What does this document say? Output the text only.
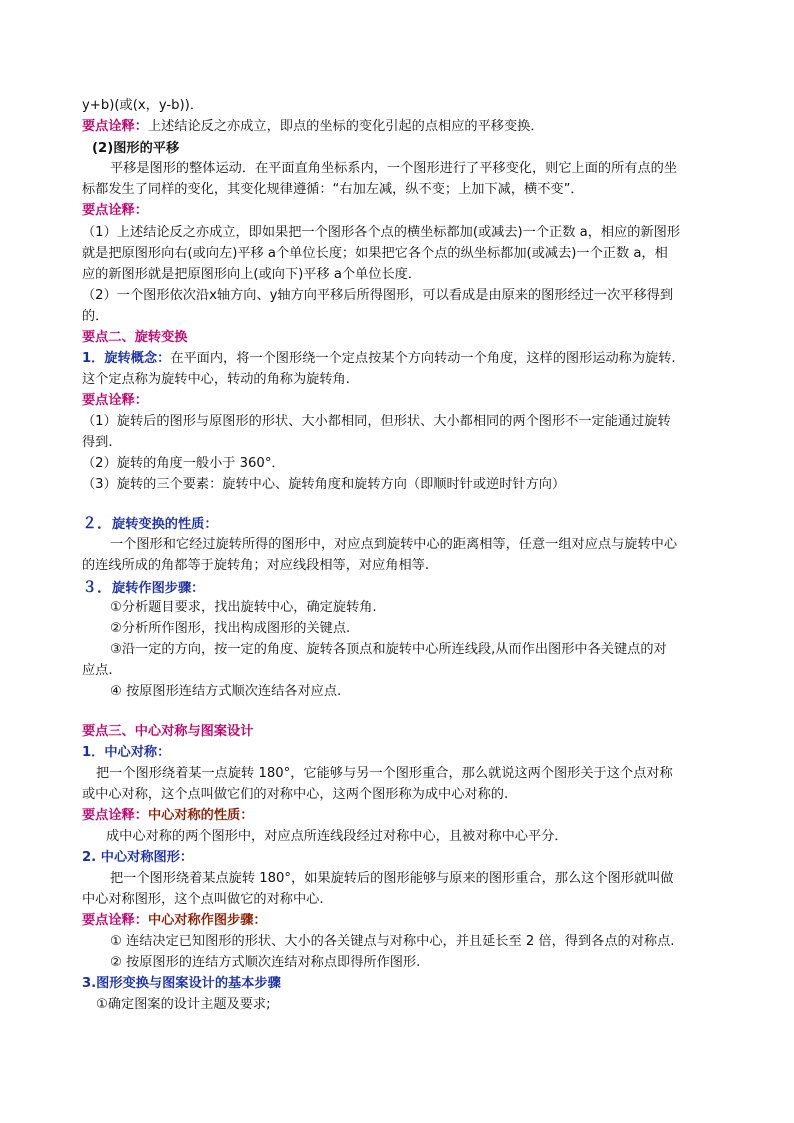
y+b)(或(x，y-b))．
要点诠释：上述结论反之亦成立，即点的坐标的变化引起的点相应的平移变换．
(2)图形的平移
平移是图形的整体运动．在平面直角坐标系内，一个图形进行了平移变化，则它上面的所有点的坐
标都发生了同样的变化，其变化规律遵循：“右加左减，纵不变；上加下减，横不变”．
要点诠释：
（1）上述结论反之亦成立，即如果把一个图形各个点的横坐标都加(或减去)一个正数 a，相应的新图形
就是把原图形向右(或向左)平移 a个单位长度；如果把它各个点的纵坐标都加(或减去)一个正数 a，相
应的新图形就是把原图形向上(或向下)平移 a个单位长度．
（2）一个图形依次沿x轴方向、y轴方向平移后所得图形，可以看成是由原来的图形经过一次平移得到
的．
要点二、旋转变换
1．旋转概念：在平面内，将一个图形绕一个定点按某个方向转动一个角度，这样的图形运动称为旋转.
这个定点称为旋转中心，转动的角称为旋转角.
要点诠释：
（1）旋转后的图形与原图形的形状、大小都相同，但形状、大小都相同的两个图形不一定能通过旋转
得到.
（2）旋转的角度一般小于 360°．
（3）旋转的三个要素：旋转中心、旋转角度和旋转方向（即顺时针或逆时针方向）
２．旋转变换的性质：
一个图形和它经过旋转所得的图形中，对应点到旋转中心的距离相等，任意一组对应点与旋转中心
的连线所成的角都等于旋转角；对应线段相等，对应角相等.
３．旋转作图步骤：
①分析题目要求，找出旋转中心，确定旋转角.
②分析所作图形，找出构成图形的关键点.
③沿一定的方向，按一定的角度、旋转各顶点和旋转中心所连线段,从而作出图形中各关键点的对
应点.
④ 按原图形连结方式顺次连结各对应点.
要点三、中心对称与图案设计
1．中心对称：
把一个图形绕着某一点旋转 180°，它能够与另一个图形重合，那么就说这两个图形关于这个点对称
或中心对称，这个点叫做它们的对称中心，这两个图形称为成中心对称的.
要点诠释：中心对称的性质：
成中心对称的两个图形中，对应点所连线段经过对称中心，且被对称中心平分．
2. 中心对称图形：
把一个图形绕着某点旋转 180°，如果旋转后的图形能够与原来的图形重合，那么这个图形就叫做
中心对称图形，这个点叫做它的对称中心.
要点诠释：中心对称作图步骤：
① 连结决定已知图形的形状、大小的各关键点与对称中心，并且延长至 2 倍，得到各点的对称点.
② 按原图形的连结方式顺次连结对称点即得所作图形.
3.图形变换与图案设计的基本步骤
①确定图案的设计主题及要求;
